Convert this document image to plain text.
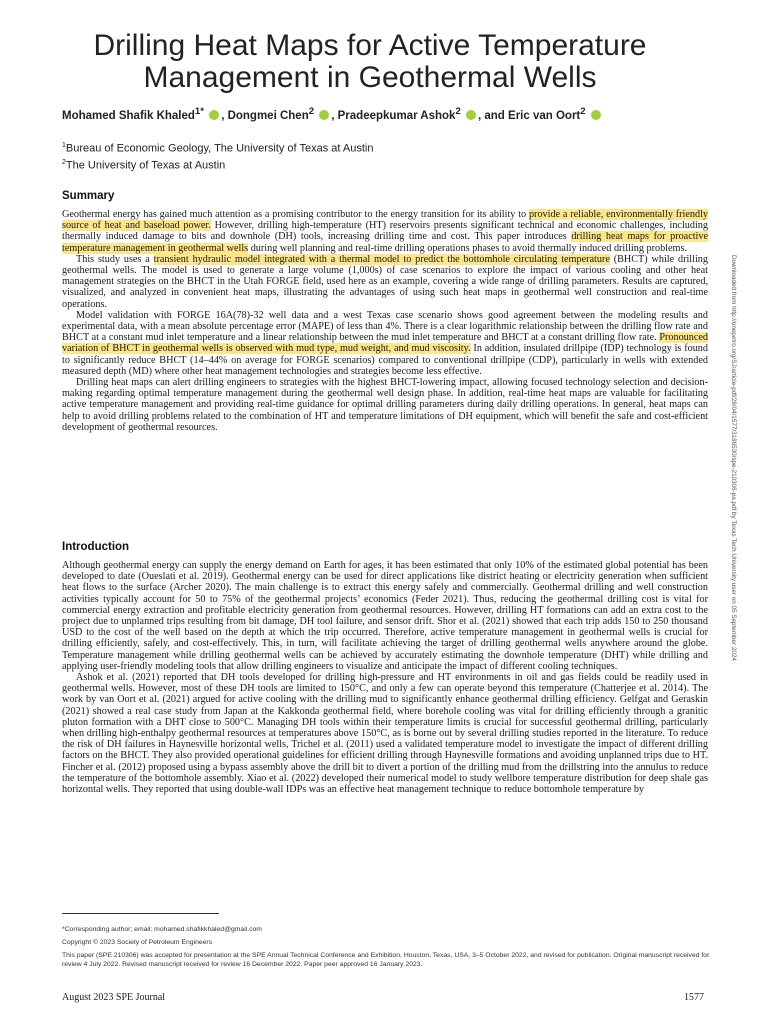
Drilling Heat Maps for Active Temperature
Management in Geothermal Wells
Mohamed Shafik Khaled$^{1*}$ , Dongmei Chen$^2$ , Pradeepkumar Ashok$^2$ , and Eric van Oort$^2$
$^1$Bureau of Economic Geology, The University of Texas at Austin
$^2$The University of Texas at Austin
Summary

Geothermal energy has gained much attention as a promising contributor to the energy transition for its ability to provide a reliable, environmentally friendly source of heat and baseload power. However, drilling high-temperature (HT) reservoirs presents significant technical and economic challenges, including thermally induced damage to bits and downhole (DH) tools, increasing drilling time and cost. This paper introduces drilling heat maps for proactive temperature management in geothermal wells during well planning and real-time drilling operations phases to avoid thermally induced drilling problems.

This study uses a transient hydraulic model integrated with a thermal model to predict the bottomhole circulating temperature (BHCT) while drilling geothermal wells. The model is used to generate a large volume (1,000s) of case scenarios to explore the impact of various cooling and other heat management strategies on the BHCT in the Utah FORGE field, used here as an example, covering a wide range of drilling parameters. Results are captured, visualized, and analyzed in convenient heat maps, illustrating the advantages of using such heat maps in geothermal well construction and real-time operations.

Model validation with FORGE 16A(78)-32 well data and a west Texas case scenario shows good agreement between the modeling results and experimental data, with a mean absolute percentage error (MAPE) of less than 4%. There is a clear logarithmic relationship between the drilling flow rate and BHCT at a constant mud inlet temperature and a linear relationship between the mud inlet temperature and BHCT at a constant drilling flow rate. Pronounced variation of BHCT in geothermal wells is observed with mud type, mud weight, and mud viscosity. In addition, insulated drillpipe (IDP) technology is found to significantly reduce BHCT (14–44% on average for FORGE scenarios) compared to conventional drillpipe (CDP), particularly in wells with extended measured depth (MD) where other heat management technologies and strategies become less effective.

Drilling heat maps can alert drilling engineers to strategies with the highest BHCT-lowering impact, allowing focused technology selection and decision-making regarding optimal temperature management during the geothermal well design phase. In addition, real-time heat maps are valuable for facilitating active temperature management and providing real-time guidance for optimal drilling parameters during daily drilling operations. In general, heat maps can help to avoid drilling problems related to the combination of HT and temperature limitations of DH equipment, which will benefit the safe and cost-efficient development of geothermal resources.

Introduction

Although geothermal energy can supply the energy demand on Earth for ages, it has been estimated that only 10% of the estimated global potential has been developed to date (Oueslati et al. 2019). Geothermal energy can be used for direct applications like district heating or electricity generation when sufficient heat flows to the surface (Archer 2020). The main challenge is to extract this energy safely and commercially. Geothermal drilling and well construction activities typically account for 50 to 75% of the geothermal projects’ economics (Feder 2021). Thus, reducing the geothermal drilling cost is vital for commercial energy extraction and profitable electricity generation from geothermal resources. However, drilling HT formations can add an extra cost to the project due to unplanned trips resulting from bit damage, DH tool failure, and sensor drift. Shor et al. (2021) showed that each trip adds 150 to 250 thousand USD to the cost of the well based on the depth at which the trip occurred. Therefore, active temperature management in geothermal wells is crucial for drilling efficiently, safely, and cost-effectively. This, in turn, will facilitate achieving the target of drilling geothermal wells anywhere around the globe. Temperature management while drilling geothermal wells can be achieved by accurately estimating the downhole temperature (DHT) while drilling and applying user-friendly modeling tools that allow drilling engineers to visualize and anticipate the impact of different cooling techniques.

Ashok et al. (2021) reported that DH tools developed for drilling high-pressure and HT environments in oil and gas fields could be readily used in geothermal wells. However, most of these DH tools are limited to 150°C, and only a few can operate beyond this temperature (Chatterjee et al. 2014). The work by van Oort et al. (2021) argued for active cooling with the drilling mud to significantly enhance geothermal drilling efficiency. Gelfgat and Geraskin (2021) showed a real case study from Japan at the Kakkonda geothermal field, where borehole cooling was vital for drilling efficiently through a granitic pluton formation with a DHT close to 500°C. Managing DH tools within their temperature limits is crucial for successful geothermal drilling, particularly when drilling high-enthalpy geothermal resources at temperatures above 150°C, as is borne out by several drilling studies reported in the literature. To reduce the risk of DH failures in Haynesville horizontal wells, Trichel et al. (2011) used a validated temperature model to investigate the impact of different drilling factors on the BHCT. They also provided operational guidelines for efficient drilling through Haynesville formations and avoiding unplanned trips due to HT. Fincher et al. (2012) proposed using a bypass assembly above the drill bit to divert a portion of the drilling mud from the drillstring into the annulus to reduce the temperature of the bottomhole assembly. Xiao et al. (2022) developed their numerical model to study wellbore temperature distribution for deep shale gas horizontal wells. They reported that using double-wall IDPs was an effective heat management technique to reduce bottomhole temperature by

Downloaded from http://onepetro.org/SJ/article-pdf/28/04/1577/3186530/spe-210306-pa.pdf by Texas Tech University user on 05 September 2024
*Corresponding author; email: mohamed.shafikkhaled@gmail.com
Copyright © 2023 Society of Petroleum Engineers
This paper (SPE 210306) was accepted for presentation at the SPE Annual Technical Conference and Exhibition, Houston, Texas, USA, 3–5 October 2022, and revised for publication. Original manuscript received for review 4 July 2022. Revised manuscript received for review 16 December 2022. Paper peer approved 16 January 2023.
August 2023 SPE Journal	1577
